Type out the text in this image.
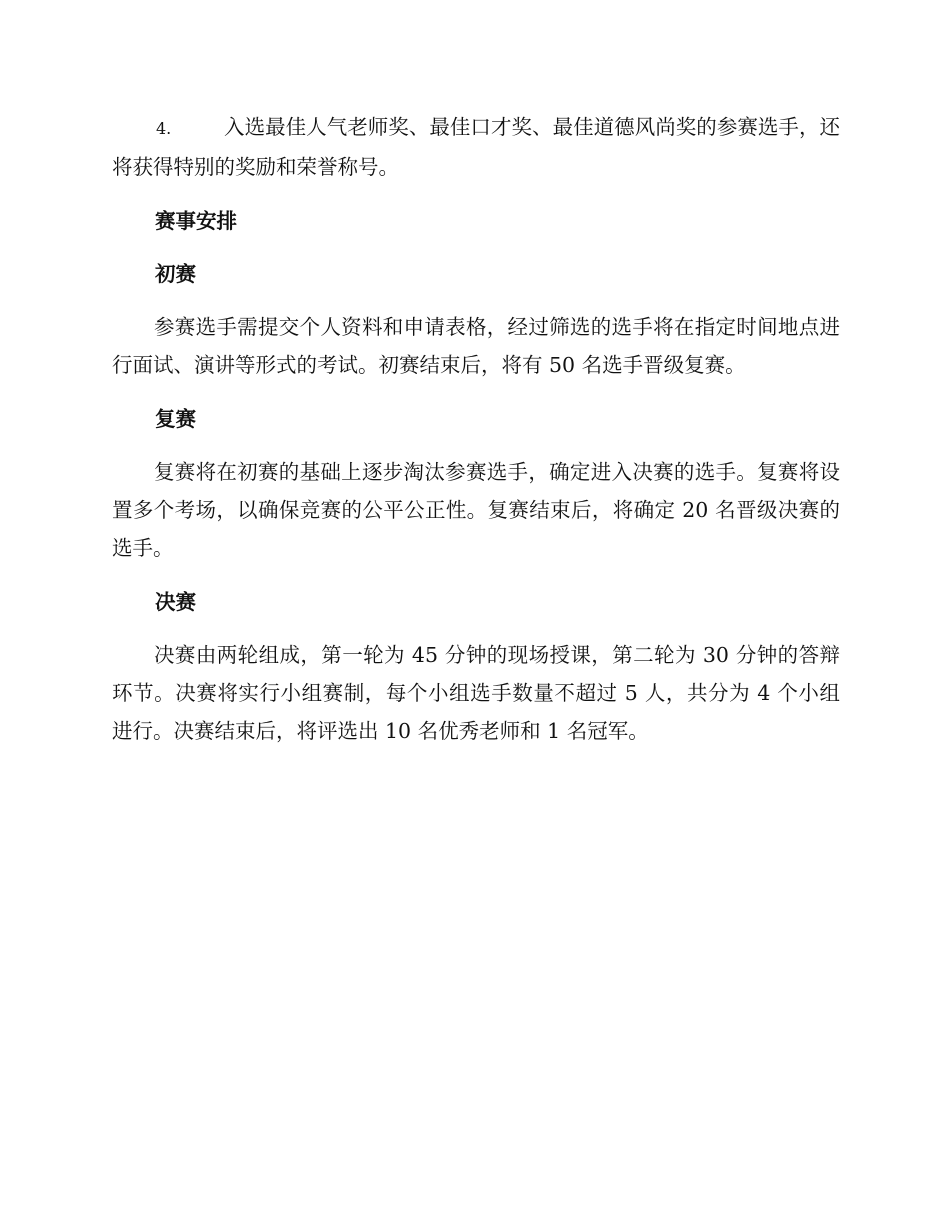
4.	入选最佳人气老师奖、最佳口才奖、最佳道德风尚奖的参赛选手，还将获得特别的奖励和荣誉称号。

赛事安排
初赛

参赛选手需提交个人资料和申请表格，经过筛选的选手将在指定时间地点进行面试、演讲等形式的考试。初赛结束后，将有 50 名选手晋级复赛。

复赛

复赛将在初赛的基础上逐步淘汰参赛选手，确定进入决赛的选手。复赛将设置多个考场，以确保竞赛的公平公正性。复赛结束后，将确定 20 名晋级决赛的选手。

决赛

决赛由两轮组成，第一轮为 45 分钟的现场授课，第二轮为 30 分钟的答辩环节。决赛将实行小组赛制，每个小组选手数量不超过 5 人，共分为 4 个小组进行。决赛结束后，将评选出 10 名优秀老师和 1 名冠军。
